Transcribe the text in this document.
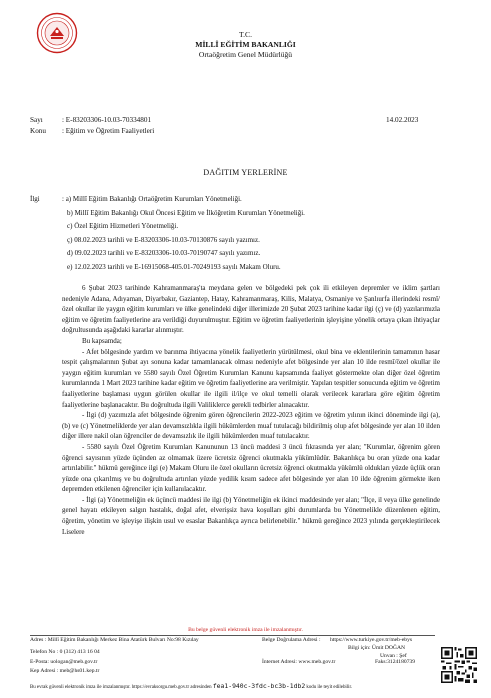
T.C.
MİLLÎ EĞİTİM BAKANLIĞI
Ortaöğretim Genel Müdürlüğü
Sayı	: E-83203306-10.03-70334801	14.02.2023
Konu : Eğitim ve Öğretim Faaliyetleri
DAĞITIM YERLERİNE
İlgi	: a) Millî Eğitim Bakanlığı Ortaöğretim Kurumları Yönetmeliği.
b) Millî Eğitim Bakanlığı Okul Öncesi Eğitim ve İlköğretim Kurumları Yönetmeliği.
c) Özel Eğitim Hizmetleri Yönetmeliği.
ç) 08.02.2023 tarihli ve E-83203306-10.03-70130876 sayılı yazımız.
d) 09.02.2023 tarihli ve E-83203306-10.03-70190747 sayılı yazımız.
e) 12.02.2023 tarihli ve E-16915068-405.01-70249193 sayılı Makam Oluru.

6 Şubat 2023 tarihinde Kahramanmaraş'ta meydana gelen ve bölgedeki pek çok ili etkileyen depremler ve iklim şartları nedeniyle Adana, Adıyaman, Diyarbakır, Gaziantep, Hatay, Kahramanmaraş, Kilis, Malatya, Osmaniye ve Şanlıurfa illerindeki resmî/özel okullar ile yaygın eğitim kurumları ve ülke genelindeki diğer illerimizde 20 Şubat 2023 tarihine kadar ilgi (ç) ve (d) yazılarımızla eğitim ve öğretim faaliyetlerine ara verildiği duyurulmuştur. Eğitim ve öğretim faaliyetlerinin işleyişine yönelik ortaya çıkan ihtiyaçlar doğrultusunda aşağıdaki kararlar alınmıştır.

Bu kapsamda;

- Afet bölgesinde yardım ve barınma ihtiyacına yönelik faaliyetlerin yürütülmesi, okul bina ve eklentilerinin tamamının hasar tespit çalışmalarının Şubat ayı sonuna kadar tamamlanacak olması nedeniyle afet bölgesinde yer alan 10 ilde resmî/özel okullar ile yaygın eğitim kurumları ve 5580 sayılı Özel Öğretim Kurumları Kanunu kapsamında faaliyet göstermekte olan diğer özel öğretim kurumlarında 1 Mart 2023 tarihine kadar eğitim ve öğretim faaliyetlerine ara verilmiştir. Yapılan tespitler sonucunda eğitim ve öğretim faaliyetlerine başlaması uygun görülen okullar ile ilgili il/ilçe ve okul temelli olarak verilecek kararlara göre eğitim öğretim faaliyetlerine başlanacaktır. Bu doğrultuda ilgili Valiliklerce gerekli tedbirler alınacaktır.

- İlgi (d) yazımızla afet bölgesinde öğrenim gören öğrencilerin 2022-2023 eğitim ve öğretim yılının ikinci döneminde ilgi (a), (b) ve (c) Yönetmeliklerde yer alan devamsızlıkla ilgili hükümlerden muaf tutulacağı bildirilmiş olup afet bölgesinde yer alan 10 ilden diğer illere nakil olan öğrenciler de devamsızlık ile ilgili hükümlerden muaf tutulacaktır.

- 5580 sayılı Özel Öğretim Kurumları Kanununun 13 üncü maddesi 3 üncü fıkrasında yer alan; "Kurumlar, öğrenim gören öğrenci sayısının yüzde üçünden az olmamak üzere ücretsiz öğrenci okutmakla yükümlüdür. Bakanlıkça bu oran yüzde ona kadar artırılabilir." hükmü gereğince ilgi (e) Makam Oluru ile özel okulların ücretsiz öğrenci okutmakla yükümlü oldukları yüzde üçlük oran yüzde ona çıkarılmış ve bu doğrultuda artırılan yüzde yedilik kısım sadece afet bölgesinde yer alan 10 ilde öğrenim görmekte iken depremden etkilenen öğrenciler için kullanılacaktır.

- İlgi (a) Yönetmeliğin ek üçüncü maddesi ile ilgi (b) Yönetmeliğin ek ikinci maddesinde yer alan; "İlçe, il veya ülke genelinde genel hayatı etkileyen salgın hastalık, doğal afet, elverişsiz hava koşulları gibi durumlarda bu Yönetmelikle düzenlenen eğitim, öğretim, yönetim ve işleyişe ilişkin usul ve esaslar Bakanlıkça ayrıca belirlenebilir." hükmü gereğince 2023 yılında gerçekleştirilecek Liselere

Bu belge güvenli elektronik imza ile imzalanmıştır.
Adres : Millî Eğitim Bakanlığı Merkez Bina Atatürk Bulvarı No:98 Kızılay	Belge Doğrulama Adresi : https://www.turkiye.gov.tr/meb-ebys
Bilgi için: Ümit DOĞAN
Telefon No : 0 (312) 413 16 04
Unvan : Şef
E-Posta: uologan@meb.gov.tr	İnternet Adresi: www.meb.gov.tr	Faks:3124180739
Kep Adresi : meb@hs01.kep.tr
Bu evrak güvenli elektronik imza ile imzalanmıştır. https://evraksorgu.meb.gov.tr adresinden fea1-940c-3fdc-bc3b-1db2 kodu ile teyit edilebilir.
